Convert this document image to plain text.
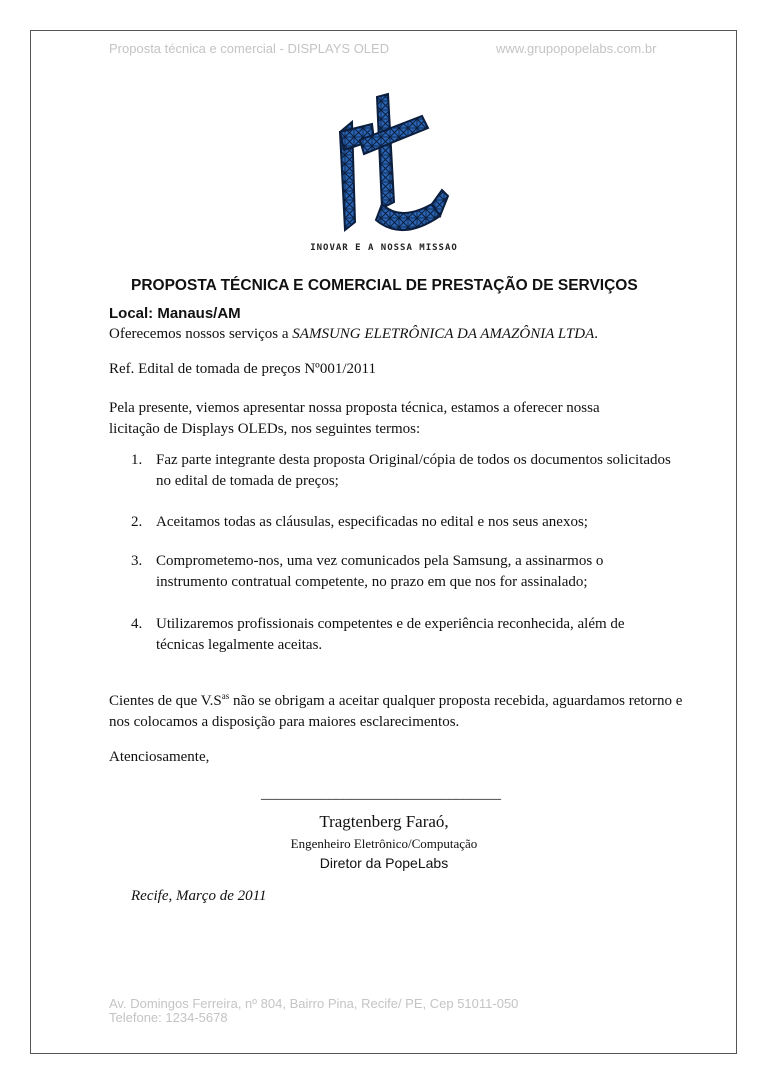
Proposta técnica e comercial - DISPLAYS OLED	www.grupopopelabs.com.br
INOVAR E A NOSSA MISSAO
PROPOSTA TÉCNICA E COMERCIAL DE PRESTAÇÃO DE SERVIÇOS
Local: Manaus/AM
Oferecemos nossos serviços a SAMSUNG ELETRÔNICA DA AMAZÔNIA LTDA.
Ref. Edital de tomada de preços Nº001/2011
Pela presente, viemos apresentar nossa proposta técnica, estamos a oferecer nossa licitação de Displays OLEDs, nos seguintes termos:
1. Faz parte integrante desta proposta Original/cópia de todos os documentos solicitados no edital de tomada de preços;
2. Aceitamos todas as cláusulas, especificadas no edital e nos seus anexos;
3. Comprometemo-nos, uma vez comunicados pela Samsung, a assinarmos o instrumento contratual competente, no prazo em que nos for assinalado;
4. Utilizaremos profissionais competentes e de experiência reconhecida, além de técnicas legalmente aceitas.
Cientes de que $V.S^{as}$ não se obrigam a aceitar qualquer proposta recebida, aguardamos retorno e nos colocamos a disposição para maiores esclarecimentos.
Atenciosamente,
________________________________
Tragtenberg Faraó,
Engenheiro Eletrônico/Computação
Diretor da PopeLabs
Recife, Março de 2011
Av. Domingos Ferreira, nº 804, Bairro Pina, Recife/ PE, Cep 51011-050
Telefone: 1234-5678
